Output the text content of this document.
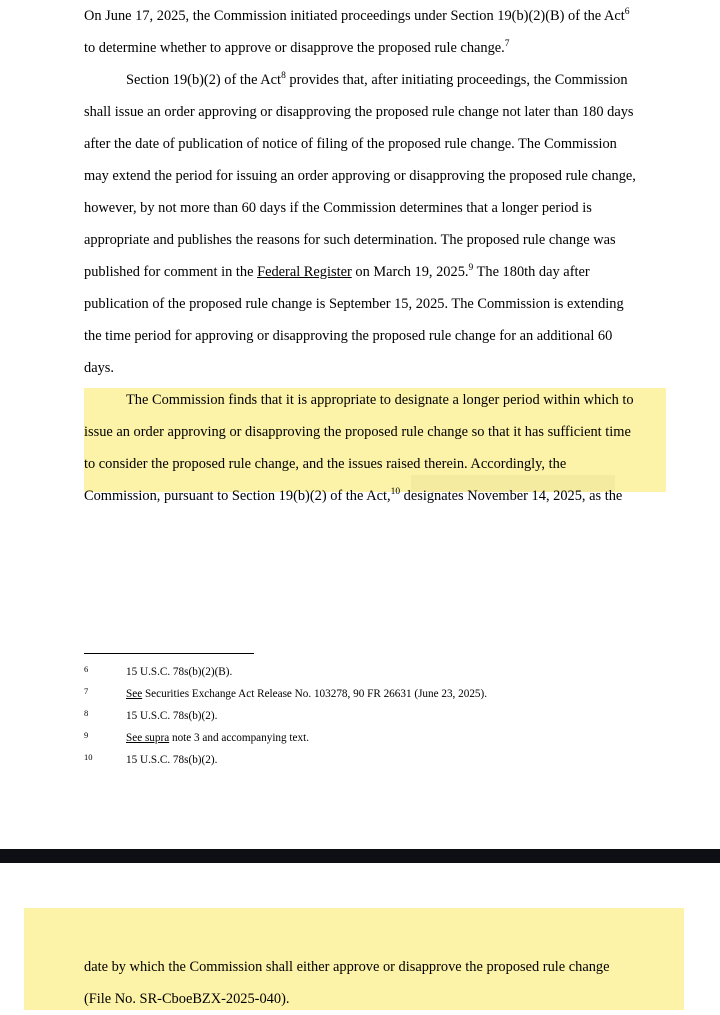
On June 17, 2025, the Commission initiated proceedings under Section 19(b)(2)(B) of the Act$^6$ to determine whether to approve or disapprove the proposed rule change.$^7$

Section 19(b)(2) of the Act$^8$ provides that, after initiating proceedings, the Commission shall issue an order approving or disapproving the proposed rule change not later than 180 days after the date of publication of notice of filing of the proposed rule change. The Commission may extend the period for issuing an order approving or disapproving the proposed rule change, however, by not more than 60 days if the Commission determines that a longer period is appropriate and publishes the reasons for such determination. The proposed rule change was published for comment in the Federal Register on March 19, 2025.$^9$ The 180th day after publication of the proposed rule change is September 15, 2025. The Commission is extending the time period for approving or disapproving the proposed rule change for an additional 60 days.

The Commission finds that it is appropriate to designate a longer period within which to issue an order approving or disapproving the proposed rule change so that it has sufficient time to consider the proposed rule change, and the issues raised therein. Accordingly, the Commission, pursuant to Section 19(b)(2) of the Act,$^{10}$ designates November 14, 2025, as the

6	15 U.S.C. 78s(b)(2)(B).
7	See Securities Exchange Act Release No. 103278, 90 FR 26631 (June 23, 2025).
8	15 U.S.C. 78s(b)(2).
9	See supra note 3 and accompanying text.
10	15 U.S.C. 78s(b)(2).

date by which the Commission shall either approve or disapprove the proposed rule change (File No. SR-CboeBZX-2025-040).
